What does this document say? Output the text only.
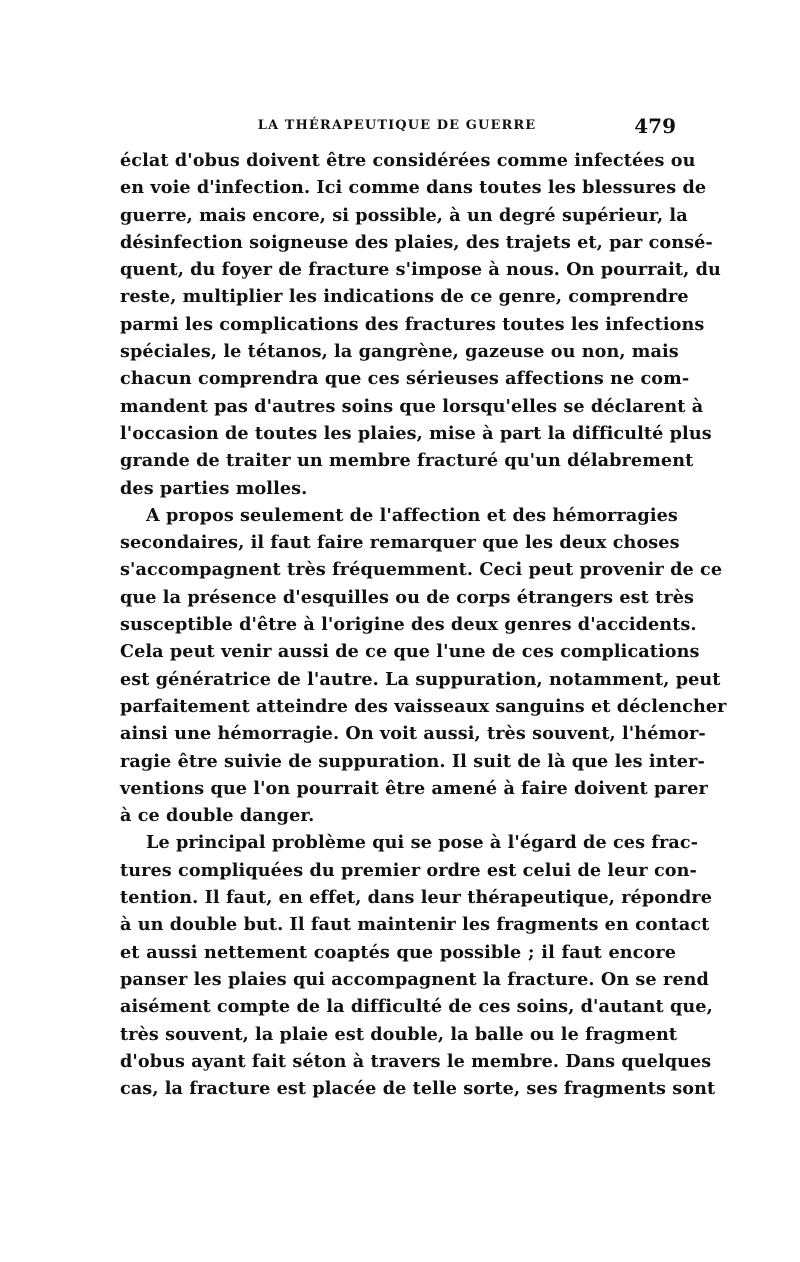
LA THÉRAPEUTIQUE DE GUERRE	479
éclat d'obus doivent être considérées comme infectées ou
en voie d'infection. Ici comme dans toutes les blessures de
guerre, mais encore, si possible, à un degré supérieur, la
désinfection soigneuse des plaies, des trajets et, par consé-
quent, du foyer de fracture s'impose à nous. On pourrait, du
reste, multiplier les indications de ce genre, comprendre
parmi les complications des fractures toutes les infections
spéciales, le tétanos, la gangrène, gazeuse ou non, mais
chacun comprendra que ces sérieuses affections ne com-
mandent pas d'autres soins que lorsqu'elles se déclarent à
l'occasion de toutes les plaies, mise à part la difficulté plus
grande de traiter un membre fracturé qu'un délabrement
des parties molles.
A propos seulement de l'affection et des hémorragies
secondaires, il faut faire remarquer que les deux choses
s'accompagnent très fréquemment. Ceci peut provenir de ce
que la présence d'esquilles ou de corps étrangers est très
susceptible d'être à l'origine des deux genres d'accidents.
Cela peut venir aussi de ce que l'une de ces complications
est génératrice de l'autre. La suppuration, notamment, peut
parfaitement atteindre des vaisseaux sanguins et déclencher
ainsi une hémorragie. On voit aussi, très souvent, l'hémor-
ragie être suivie de suppuration. Il suit de là que les inter-
ventions que l'on pourrait être amené à faire doivent parer
à ce double danger.
Le principal problème qui se pose à l'égard de ces frac-
tures compliquées du premier ordre est celui de leur con-
tention. Il faut, en effet, dans leur thérapeutique, répondre
à un double but. Il faut maintenir les fragments en contact
et aussi nettement coaptés que possible ; il faut encore
panser les plaies qui accompagnent la fracture. On se rend
aisément compte de la difficulté de ces soins, d'autant que,
très souvent, la plaie est double, la balle ou le fragment
d'obus ayant fait séton à travers le membre. Dans quelques
cas, la fracture est placée de telle sorte, ses fragments sont
